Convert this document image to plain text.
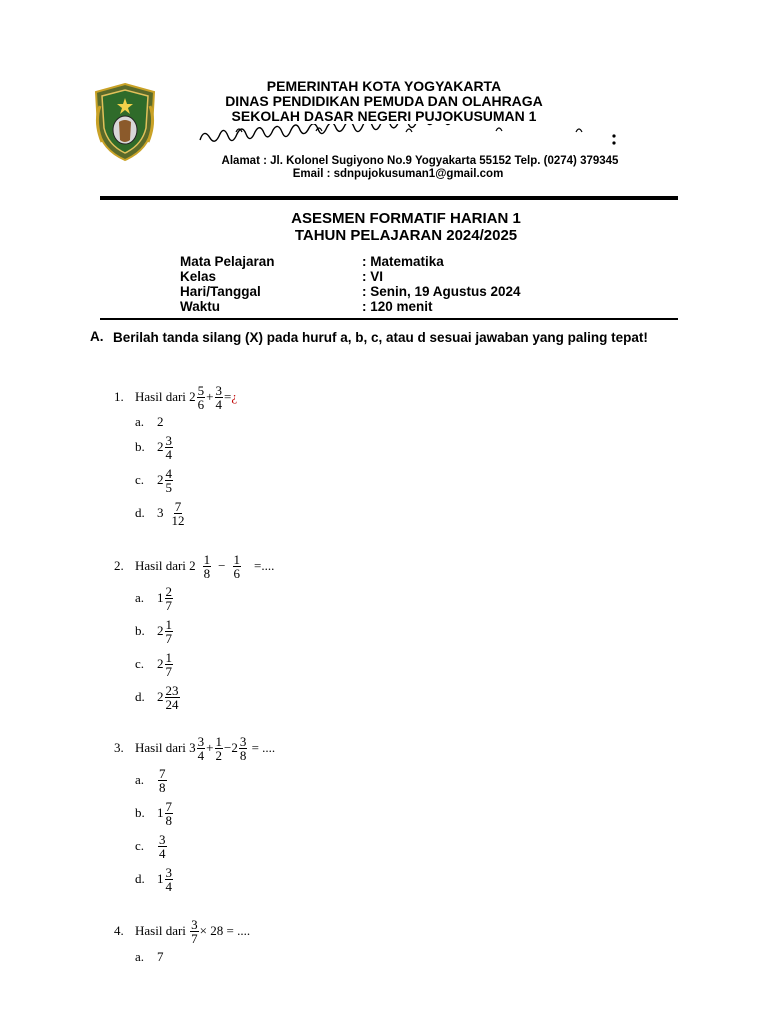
PEMERINTAH KOTA YOGYAKARTA
DINAS PENDIDIKAN PEMUDA DAN OLAHRAGA
SEKOLAH DASAR NEGERI PUJOKUSUMAN 1
Alamat : Jl. Kolonel Sugiyono No.9 Yogyakarta 55152 Telp. (0274) 379345
Email : sdnpujokusuman1@gmail.com
ASESMEN FORMATIF HARIAN 1
TAHUN PELAJARAN 2024/2025
Mata Pelajaran	: Matematika
Kelas	: VI
Hari/Tanggal	: Senin, 19 Agustus 2024
Waktu	: 120 menit
A. Berilah tanda silang (X) pada huruf a, b, c, atau d sesuai jawaban yang paling tepat!
1. Hasil dari
$2 \frac{5}{6} + \frac{3}{4}$ = ¿
a. 2
b. $2 \frac{3}{4}$
c. $2 \frac{4}{5}$
d. $3 \frac{7}{12}$
2. Hasil dari
$2 \frac{1}{8} - \frac{1}{6}$ =....
a. $1 \frac{2}{7}$
b. $2 \frac{1}{7}$
c. $2 \frac{1}{7}$
d. $2 \frac{23}{24}$
3. Hasil dari
$3 \frac{3}{4} + \frac{1}{2} - 2 \frac{3}{8}$
= ....
a.	$\frac{7}{8}$
b. $1 \frac{7}{8}$
c.	$\frac{3}{4}$
d. $1 \frac{3}{4}$
4. Hasil dari
$\frac{3}{7} \times 28$
= ....
a. 7
